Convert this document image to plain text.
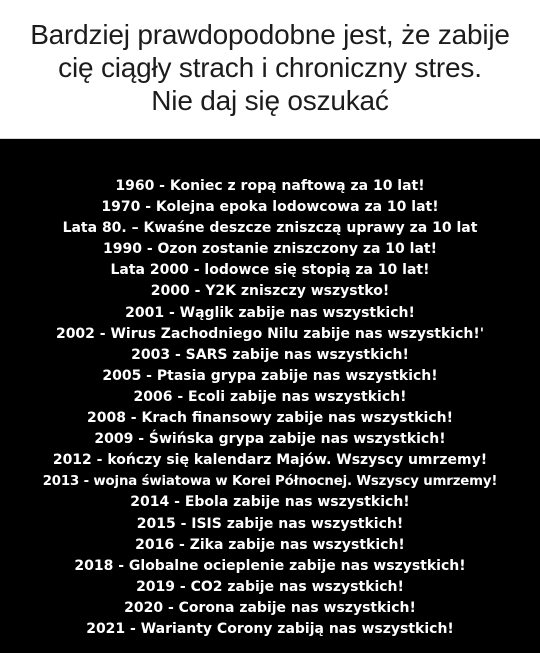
Bardziej prawdopodobne jest, że zabije
cię ciągły strach i chroniczny stres.
Nie daj się oszukać
1960 - Koniec z ropą naftową za 10 lat!
1970 - Kolejna epoka lodowcowa za 10 lat!
Lata 80. – Kwaśne deszcze zniszczą uprawy za 10 lat
1990 - Ozon zostanie zniszczony za 10 lat!
Lata 2000 - lodowce się stopią za 10 lat!
2000 - Y2K zniszczy wszystko!
2001 - Wąglik zabije nas wszystkich!
2002 - Wirus Zachodniego Nilu zabije nas wszystkich!'
2003 - SARS zabije nas wszystkich!
2005 - Ptasia grypa zabije nas wszystkich!
2006 - Ecoli zabije nas wszystkich!
2008 - Krach finansowy zabije nas wszystkich!
2009 - Świńska grypa zabije nas wszystkich!
2012 - kończy się kalendarz Majów. Wszyscy umrzemy!
2013 - wojna światowa w Korei Północnej. Wszyscy umrzemy!
2014 - Ebola zabije nas wszystkich!
2015 - ISIS zabije nas wszystkich!
2016 - Zika zabije nas wszystkich!
2018 - Globalne ocieplenie zabije nas wszystkich!
2019 - CO2 zabije nas wszystkich!
2020 - Corona zabije nas wszystkich!
2021 - Warianty Corony zabiją nas wszystkich!
